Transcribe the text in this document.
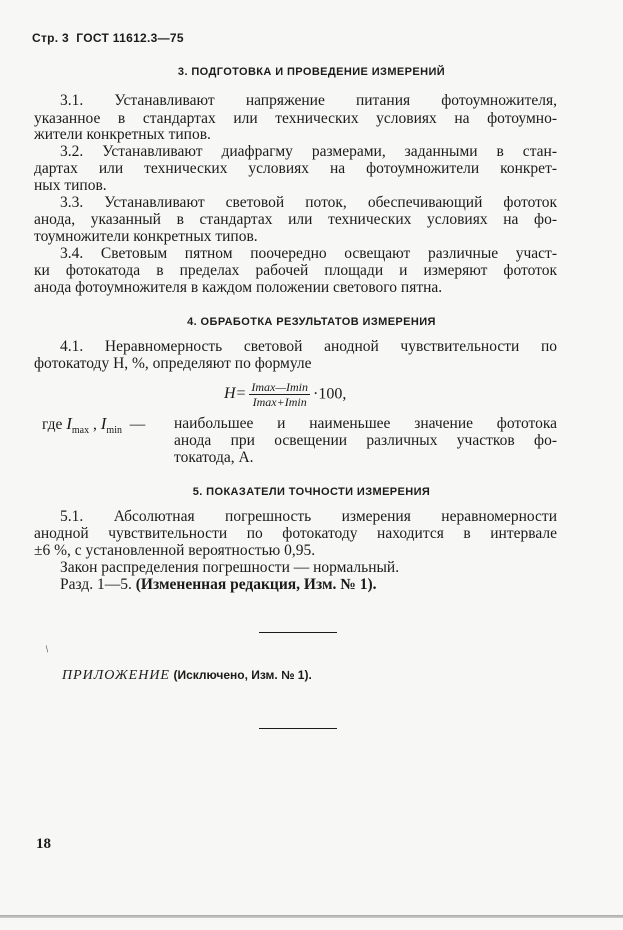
Стр. 3 ГОСТ 11612.3—75
3. ПОДГОТОВКА И ПРОВЕДЕНИЕ ИЗМЕРЕНИЙ
3.1. Устанавливают напряжение питания фотоумножителя,
указанное в стандартах или технических условиях на фотоумно-
жители конкретных типов.
3.2. Устанавливают диафрагму размерами, заданными в стан-
дартах или технических условиях на фотоумножители конкрет-
ных типов.
3.3. Устанавливают световой поток, обеспечивающий фототок
анода, указанный в стандартах или технических условиях на фо-
тоумножители конкретных типов.
3.4. Световым пятном поочередно освещают различные участ-
ки фотокатода в пределах рабочей площади и измеряют фототок
анода фотоумножителя в каждом положении светового пятна.
4. ОБРАБОТКА РЕЗУЛЬТАТОВ ИЗМЕРЕНИЯ
4.1. Неравномерность световой анодной чувствительности по
фотокатоду H, %, определяют по формуле
$H= \frac{Imax—Imin}{Imax+Imin} \cdot 100$,
где $I_{max}$ , $I_{min}$ — наибольшее и наименьшее значение фототока
анода при освещении различных участков фо-
токатода, А.
5. ПОКАЗАТЕЛИ ТОЧНОСТИ ИЗМЕРЕНИЯ
5.1. Абсолютная погрешность измерения неравномерности
анодной чувствительности по фотокатоду находится в интервале
±6 %, с установленной вероятностью 0,95.
Закон распределения погрешности — нормальный.
Разд. 1—5. (Измененная редакция, Изм. № 1).
/
ПРИЛОЖЕНИЕ (Исключено, Изм. № 1).
18
